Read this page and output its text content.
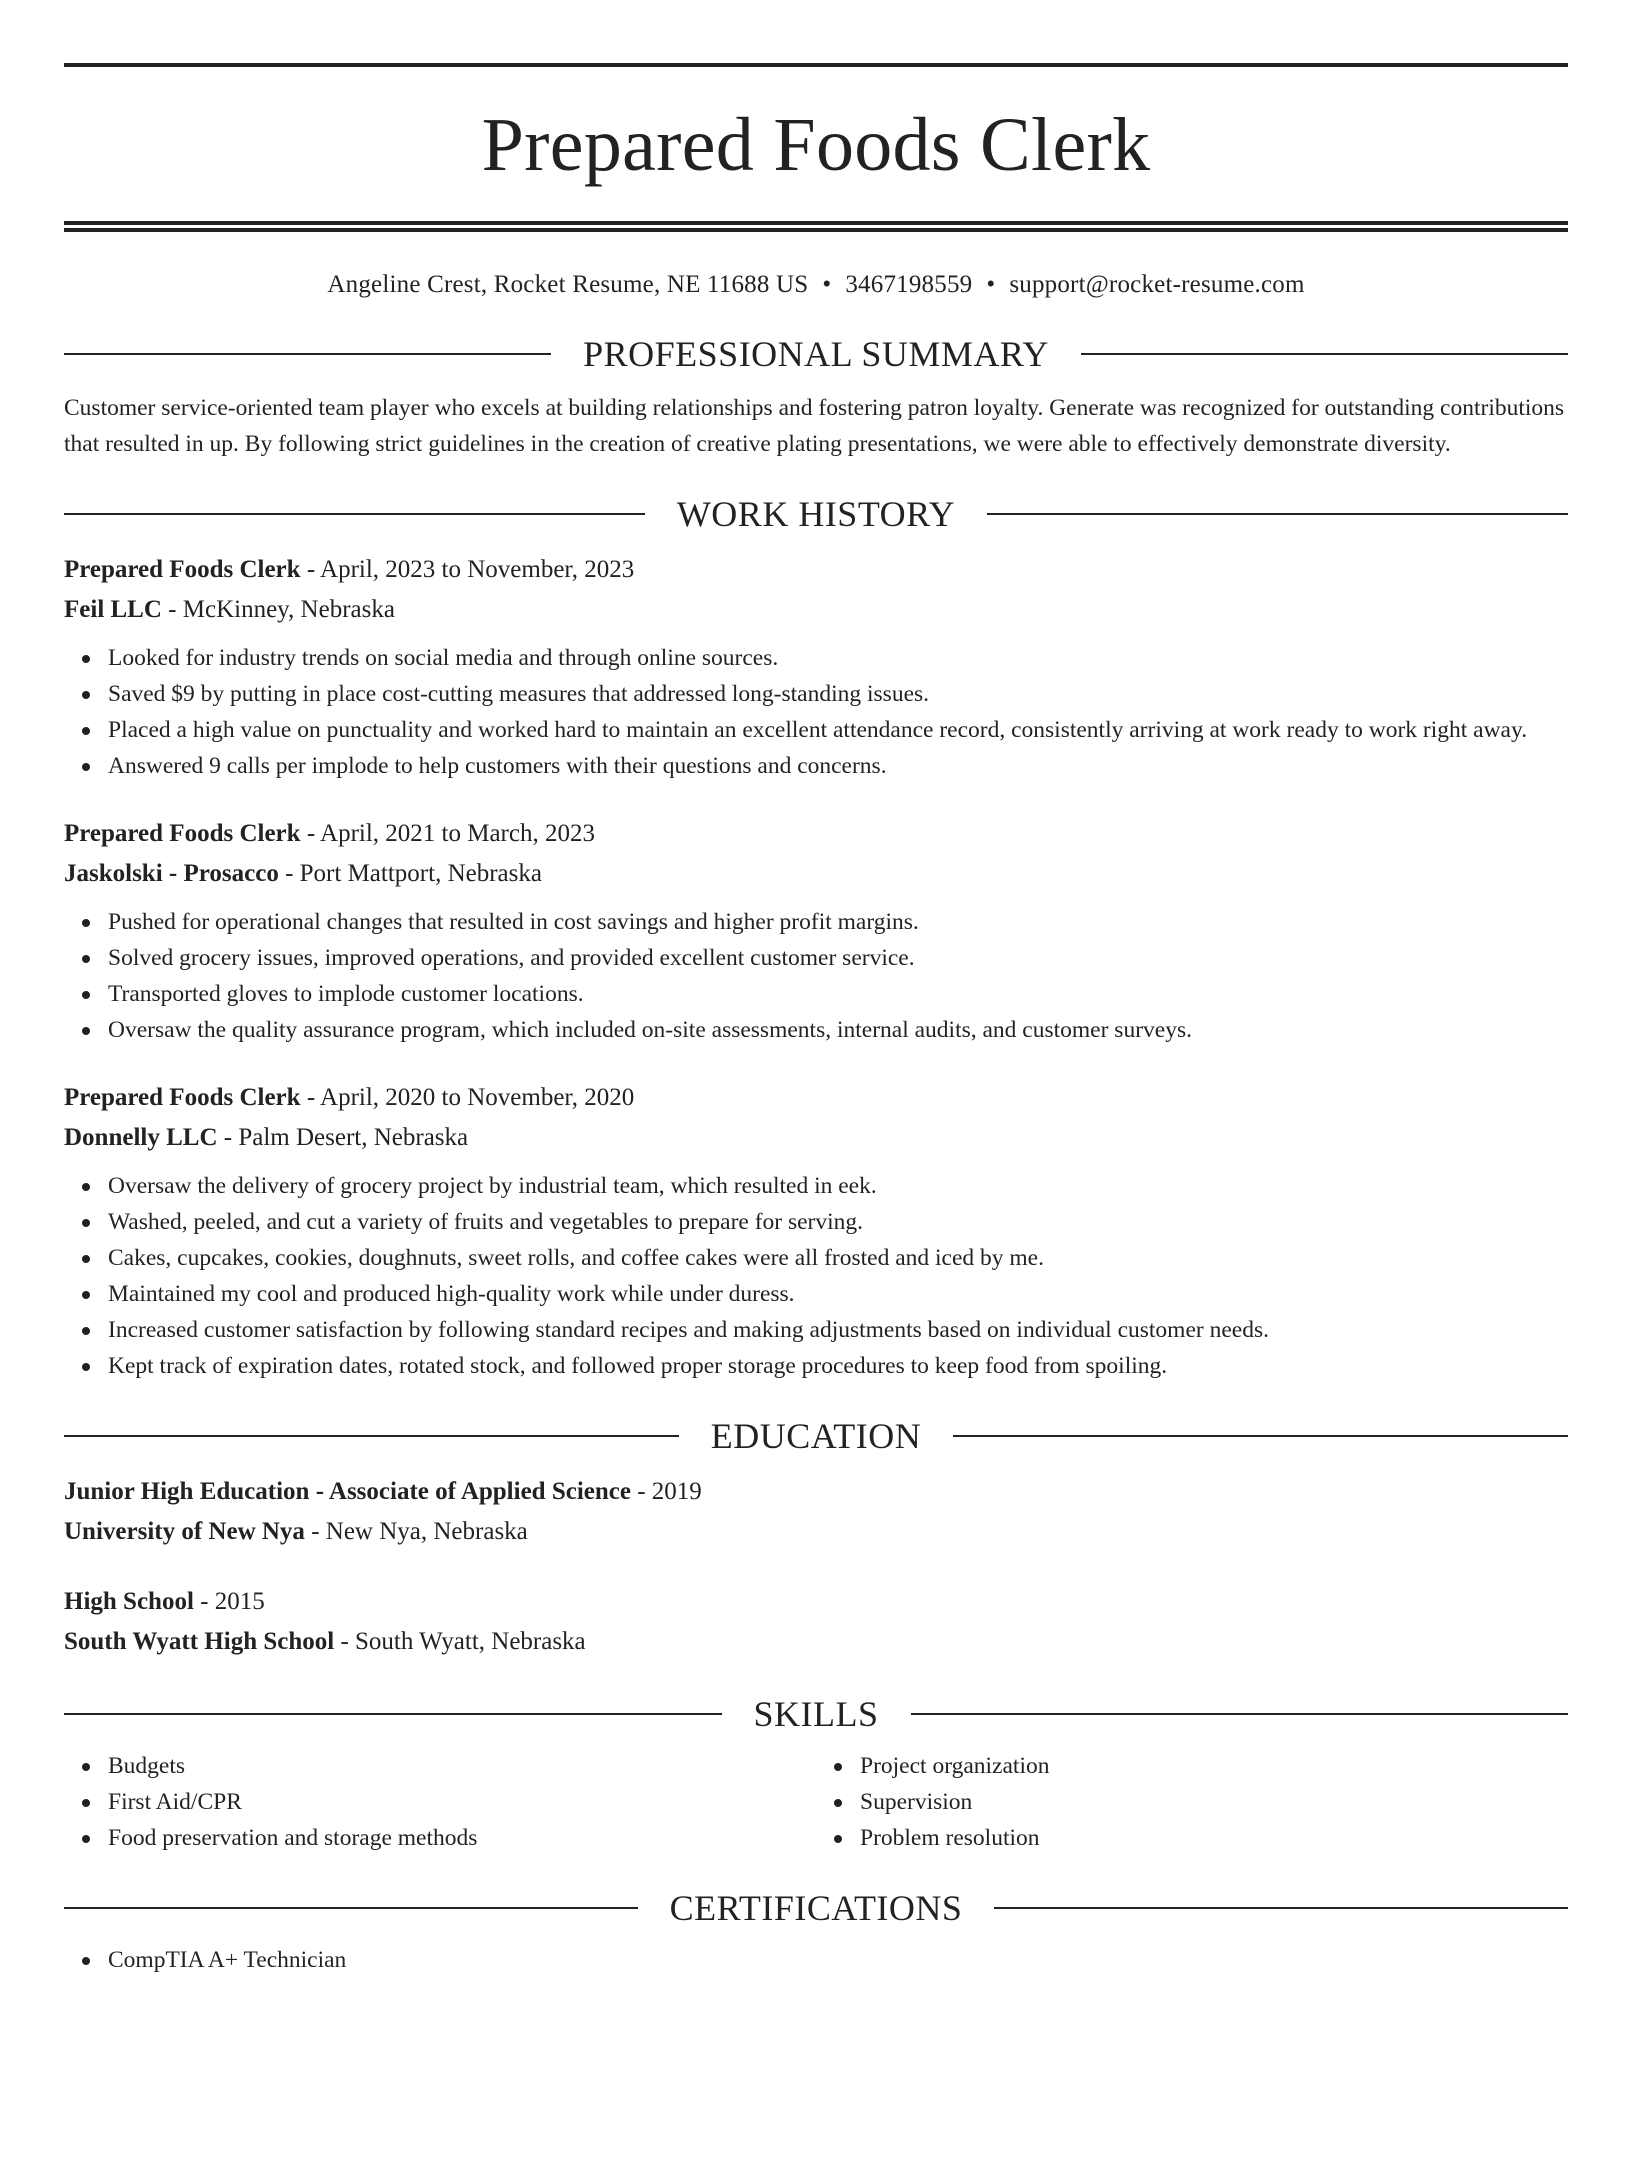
Prepared Foods Clerk
Angeline Crest, Rocket Resume, NE 11688 US • 3467198559 • support@rocket-resume.com
PROFESSIONAL SUMMARY
Customer service-oriented team player who excels at building relationships and fostering patron loyalty. Generate was recognized for outstanding contributions that resulted in up. By following strict guidelines in the creation of creative plating presentations, we were able to effectively demonstrate diversity.
WORK HISTORY
Prepared Foods Clerk - April, 2023 to November, 2023
Feil LLC - McKinney, Nebraska
Looked for industry trends on social media and through online sources.
Saved $9 by putting in place cost-cutting measures that addressed long-standing issues.
Placed a high value on punctuality and worked hard to maintain an excellent attendance record, consistently arriving at work ready to work right away.
Answered 9 calls per implode to help customers with their questions and concerns.
Prepared Foods Clerk - April, 2021 to March, 2023
Jaskolski - Prosacco - Port Mattport, Nebraska
Pushed for operational changes that resulted in cost savings and higher profit margins.
Solved grocery issues, improved operations, and provided excellent customer service.
Transported gloves to implode customer locations.
Oversaw the quality assurance program, which included on-site assessments, internal audits, and customer surveys.
Prepared Foods Clerk - April, 2020 to November, 2020
Donnelly LLC - Palm Desert, Nebraska
Oversaw the delivery of grocery project by industrial team, which resulted in eek.
Washed, peeled, and cut a variety of fruits and vegetables to prepare for serving.
Cakes, cupcakes, cookies, doughnuts, sweet rolls, and coffee cakes were all frosted and iced by me.
Maintained my cool and produced high-quality work while under duress.
Increased customer satisfaction by following standard recipes and making adjustments based on individual customer needs.
Kept track of expiration dates, rotated stock, and followed proper storage procedures to keep food from spoiling.
EDUCATION
Junior High Education - Associate of Applied Science - 2019
University of New Nya - New Nya, Nebraska
High School - 2015
South Wyatt High School - South Wyatt, Nebraska
SKILLS
Budgets
First Aid/CPR
Food preservation and storage methods
Project organization
Supervision
Problem resolution
CERTIFICATIONS
CompTIA A+ Technician
